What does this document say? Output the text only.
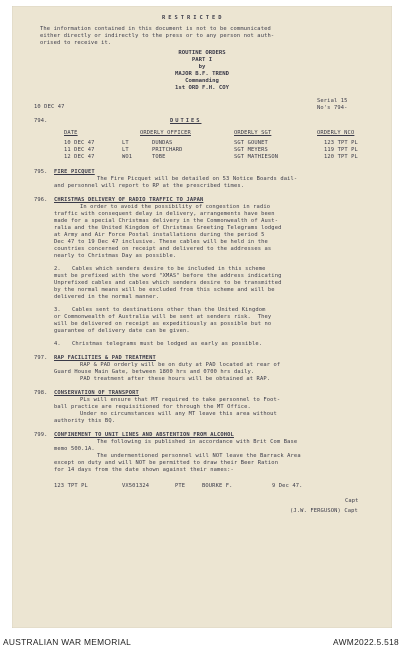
RESTRICTED
The information contained in this document is not to be communicated
either directly or indirectly to the press or to any person not auth-
orised to receive it.
ROUTINE ORDERS
PART I
by
MAJOR B.F. TREND
Commanding
1st ORD F.H. COY
10 DEC 47
Serial 15
No's 794-
794.	DUTIES
DATE	ORDERLY OFFICER	ORDERLY SGT	ORDERLY NCO
10 DEC 47	LT	DUNDAS	SGT GOUNET	123 TPT PL
11 DEC 47	LT	PRITCHARD	SGT MEYERS	119 TPT PL
12 DEC 47	WO1	TOBE	SGT MATHIESON	120 TPT PL
795. FIRE PICQUET
The Fire Picquet will be detailed on 53 Notice Boards dail-
and personnel will report to RP at the prescribed times.
796. CHRISTMAS DELIVERY OF RADIO TRAFFIC TO JAPAN
In order to avoid the possibility of congestion in radio
traffic with consequent delay in delivery, arrangements have been
made for a special Christmas delivery in the Commonwealth of Aust-
ralia and the United Kingdom of Christmas Greeting Telegrams lodged
at Army and Air Force Postal installations during the period 5
Dec 47 to 19 Dec 47 inclusive. These cables will be held in the
countries concerned on receipt and delivered to the addresses as
nearly to Christmas Day as possible.
2. Cables which senders desire to be included in this scheme
must be prefixed with the word "XMAS" before the address indicating
Unprefixed cables and cables which senders desire to be transmitted
by the normal means will be excluded from this scheme and will be
delivered in the normal manner.
3. Cables sent to destinations other than the United Kingdom
or Commonwealth of Australia will be sent at senders risk.  They
will be delivered on receipt as expeditiously as possible but no
guarantee of delivery date can be given.
4. Christmas telegrams must be lodged as early as possible.
797. RAP FACILITIES & PAD TREATMENT
RAP & PAD orderly will be on duty at PAD located at rear of
Guard House Main Gate, between 1800 hrs and 0700 hrs daily.
PAD treatment after these hours will be obtained at RAP.
798. CONSERVATION OF TRANSPORT
PLs will ensure that MT required to take personnel to Foot-
ball practice are requisitioned for through the MT Office.
Under no circumstances will any MT leave this area without
authority this BQ.
799. CONFINEMENT TO UNIT LINES AND ABSTENTION FROM ALCOHOL
The following is published in accordance with Brit Com Base
memo 500.1A.
The undermentioned personnel will NOT leave the Barrack Area
except on duty and will NOT be permitted to draw their Beer Ration
for 14 days from the date shown against their names:-
123 TPT PL	VX501324	PTE	BOURKE F.	9 Dec 47.
Capt
(J.W. FERGUSON) Capt
AUSTRALIAN WAR MEMORIAL	AWM2022.5.518
